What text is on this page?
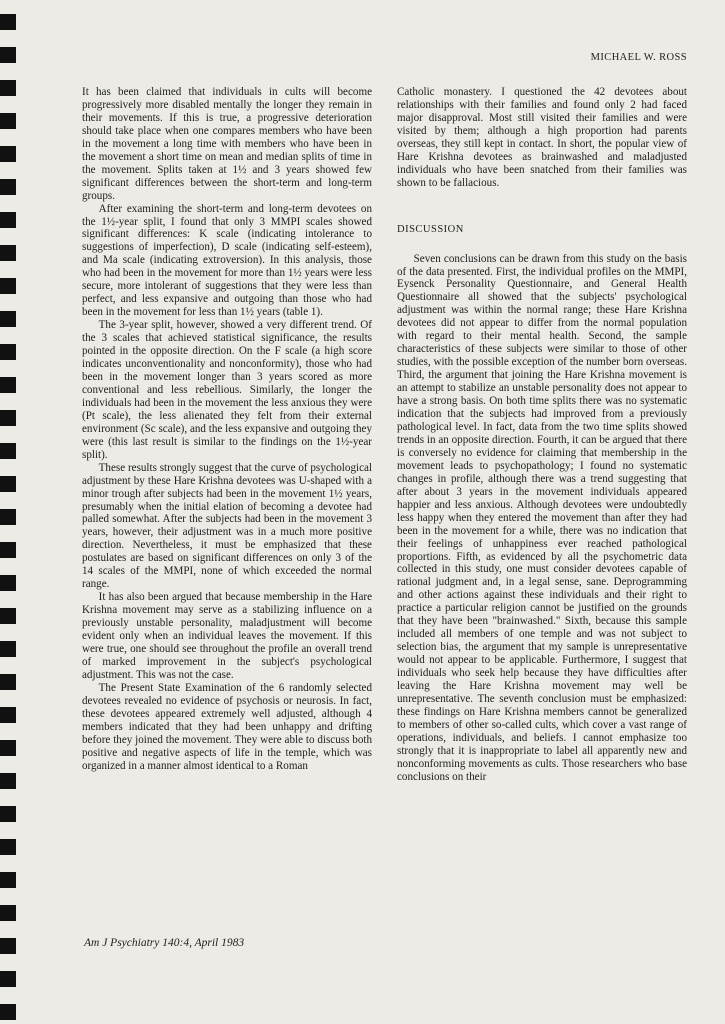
MICHAEL W. ROSS

It has been claimed that individuals in cults will become progressively more disabled mentally the longer they remain in their movements. If this is true, a progressive deterioration should take place when one compares members who have been in the movement a long time with members who have been in the movement a short time on mean and median splits of time in the movement. Splits taken at 1½ and 3 years showed few significant differences between the short-term and long-term groups.

After examining the short-term and long-term devotees on the 1½-year split, I found that only 3 MMPI scales showed significant differences: K scale (indicating intolerance to suggestions of imperfection), D scale (indicating self-esteem), and Ma scale (indicating extroversion). In this analysis, those who had been in the movement for more than 1½ years were less secure, more intolerant of suggestions that they were less than perfect, and less expansive and outgoing than those who had been in the movement for less than 1½ years (table 1).

The 3-year split, however, showed a very different trend. Of the 3 scales that achieved statistical significance, the results pointed in the opposite direction. On the F scale (a high score indicates unconventionality and nonconformity), those who had been in the movement longer than 3 years scored as more conventional and less rebellious. Similarly, the longer the individuals had been in the movement the less anxious they were (Pt scale), the less alienated they felt from their external environment (Sc scale), and the less expansive and outgoing they were (this last result is similar to the findings on the 1½-year split).

These results strongly suggest that the curve of psychological adjustment by these Hare Krishna devotees was U-shaped with a minor trough after subjects had been in the movement 1½ years, presumably when the initial elation of becoming a devotee had palled somewhat. After the subjects had been in the movement 3 years, however, their adjustment was in a much more positive direction. Nevertheless, it must be emphasized that these postulates are based on significant differences on only 3 of the 14 scales of the MMPI, none of which exceeded the normal range.

It has also been argued that because membership in the Hare Krishna movement may serve as a stabilizing influence on a previously unstable personality, maladjustment will become evident only when an individual leaves the movement. If this were true, one should see throughout the profile an overall trend of marked improvement in the subject's psychological adjustment. This was not the case.

The Present State Examination of the 6 randomly selected devotees revealed no evidence of psychosis or neurosis. In fact, these devotees appeared extremely well adjusted, although 4 members indicated that they had been unhappy and drifting before they joined the movement. They were able to discuss both positive and negative aspects of life in the temple, which was organized in a manner almost identical to a Roman

Catholic monastery. I questioned the 42 devotees about relationships with their families and found only 2 had faced major disapproval. Most still visited their families and were visited by them; although a high proportion had parents overseas, they still kept in contact. In short, the popular view of Hare Krishna devotees as brainwashed and maladjusted individuals who have been snatched from their families was shown to be fallacious.

DISCUSSION

Seven conclusions can be drawn from this study on the basis of the data presented. First, the individual profiles on the MMPI, Eysenck Personality Questionnaire, and General Health Questionnaire all showed that the subjects' psychological adjustment was within the normal range; these Hare Krishna devotees did not appear to differ from the normal population with regard to their mental health. Second, the sample characteristics of these subjects were similar to those of other studies, with the possible exception of the number born overseas. Third, the argument that joining the Hare Krishna movement is an attempt to stabilize an unstable personality does not appear to have a strong basis. On both time splits there was no systematic indication that the subjects had improved from a previously pathological level. In fact, data from the two time splits showed trends in an opposite direction. Fourth, it can be argued that there is conversely no evidence for claiming that membership in the movement leads to psychopathology; I found no systematic changes in profile, although there was a trend suggesting that after about 3 years in the movement individuals appeared happier and less anxious. Although devotees were undoubtedly less happy when they entered the movement than after they had been in the movement for a while, there was no indication that their feelings of unhappiness ever reached pathological proportions. Fifth, as evidenced by all the psychometric data collected in this study, one must consider devotees capable of rational judgment and, in a legal sense, sane. Deprogramming and other actions against these individuals and their right to practice a particular religion cannot be justified on the grounds that they have been "brainwashed." Sixth, because this sample included all members of one temple and was not subject to selection bias, the argument that my sample is unrepresentative would not appear to be applicable. Furthermore, I suggest that individuals who seek help because they have difficulties after leaving the Hare Krishna movement may well be unrepresentative. The seventh conclusion must be emphasized: these findings on Hare Krishna members cannot be generalized to members of other so-called cults, which cover a vast range of operations, individuals, and beliefs. I cannot emphasize too strongly that it is inappropriate to label all apparently new and nonconforming movements as cults. Those researchers who base conclusions on their

Am J Psychiatry 140:4, April 1983
